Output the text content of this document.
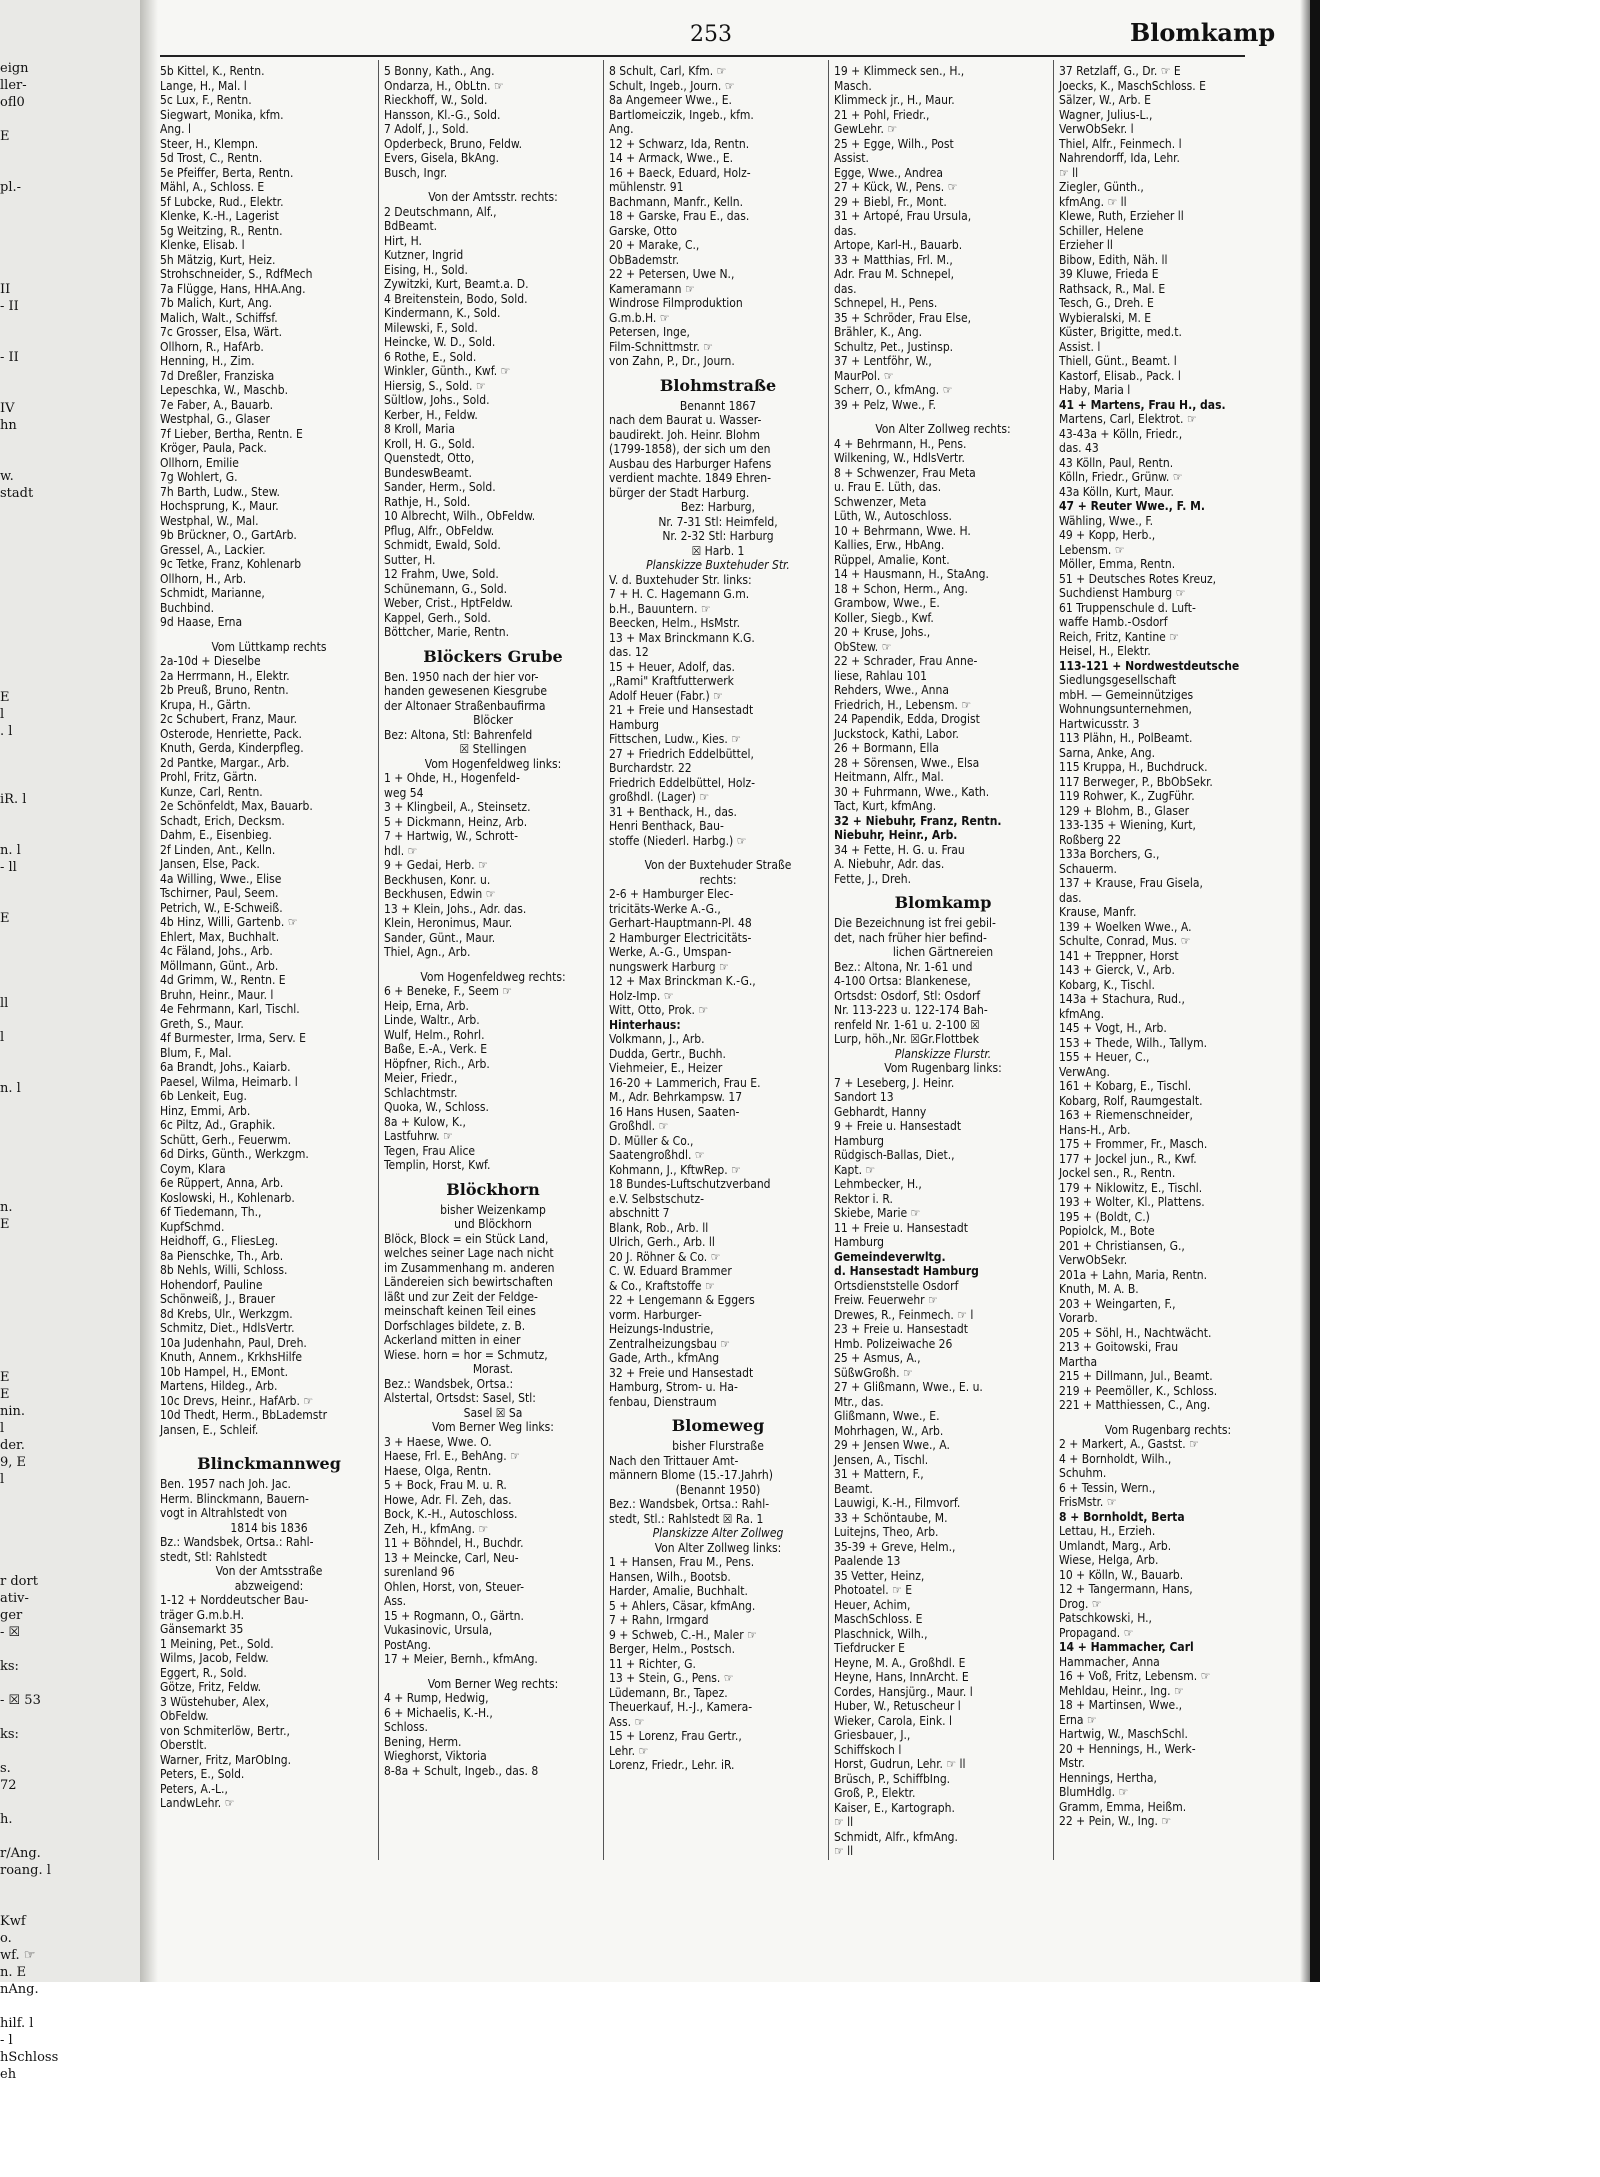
eign
ller-
ofl0
E
pl.-
II
- II
- II
IV
hn
w.
stadt
E
l
. l
iR. l
n. l
- ll
E
ll
l
n. l
n.
E
E
E
nin.
l
der.
9, E
l
r dort
ativ-
ger
- ☒
ks:
- ☒ 53
ks:
s.
72
h.
r/Ang.
roang. l
Kwf
o.
wf. ☞
n. E
nAng.
hilf. l
- l
hSchloss
eh
253	Blomkamp
5b Kittel, K., Rentn.
Lange, H., Mal. l
5c Lux, F., Rentn.
Siegwart, Monika, kfm.
Ang. l
Steer, H., Klempn.
5d Trost, C., Rentn.
5e Pfeiffer, Berta, Rentn.
Mähl, A., Schloss. E
5f Lubcke, Rud., Elektr.
Klenke, K.-H., Lagerist
5g Weitzing, R., Rentn.
Klenke, Elisab. l
5h Mätzig, Kurt, Heiz.
Strohschneider, S., RdfMech
7a Flügge, Hans, HHA.Ang.
7b Malich, Kurt, Ang.
Malich, Walt., Schiffsf.
7c Grosser, Elsa, Wärt.
Ollhorn, R., HafArb.
Henning, H., Zim.
7d Dreßler, Franziska
Lepeschka, W., Maschb.
7e Faber, A., Bauarb.
Westphal, G., Glaser
7f Lieber, Bertha, Rentn. E
Kröger, Paula, Pack.
Ollhorn, Emilie
7g Wohlert, G.
7h Barth, Ludw., Stew.
Hochsprung, K., Maur.
Westphal, W., Mal.
9b Brückner, O., GartArb.
Gressel, A., Lackier.
9c Tetke, Franz, Kohlenarb
Ollhorn, H., Arb.
Schmidt, Marianne,
Buchbind.
9d Haase, Erna
Vom Lüttkamp rechts
2a-10d + Dieselbe
2a Herrmann, H., Elektr.
2b Preuß, Bruno, Rentn.
Krupa, H., Gärtn.
2c Schubert, Franz, Maur.
Osterode, Henriette, Pack.
Knuth, Gerda, Kinderpfleg.
2d Pantke, Margar., Arb.
Prohl, Fritz, Gärtn.
Kunze, Carl, Rentn.
2e Schönfeldt, Max, Bauarb.
Schadt, Erich, Decksm.
Dahm, E., Eisenbieg.
2f Linden, Ant., Kelln.
Jansen, Else, Pack.
4a Willing, Wwe., Elise
Tschirner, Paul, Seem.
Petrich, W., E-Schweiß.
4b Hinz, Willi, Gartenb. ☞
Ehlert, Max, Buchhalt.
4c Fäland, Johs., Arb.
Möllmann, Günt., Arb.
4d Grimm, W., Rentn. E
Bruhn, Heinr., Maur. l
4e Fehrmann, Karl, Tischl.
Greth, S., Maur.
4f Burmester, Irma, Serv. E
Blum, F., Mal.
6a Brandt, Johs., Kaiarb.
Paesel, Wilma, Heimarb. l
6b Lenkeit, Eug.
Hinz, Emmi, Arb.
6c Piltz, Ad., Graphik.
Schütt, Gerh., Feuerwm.
6d Dirks, Günth., Werkzgm.
Coym, Klara
6e Rüppert, Anna, Arb.
Koslowski, H., Kohlenarb.
6f Tiedemann, Th.,
KupfSchmd.
Heidhoff, G., FliesLeg.
8a Pienschke, Th., Arb.
8b Nehls, Willi, Schloss.
Hohendorf, Pauline
Schönweiß, J., Brauer
8d Krebs, Ulr., Werkzgm.
Schmitz, Diet., HdlsVertr.
10a Judenhahn, Paul, Dreh.
Knuth, Annem., KrkhsHilfe
10b Hampel, H., EMont.
Martens, Hildeg., Arb.
10c Drevs, Heinr., HafArb. ☞
10d Thedt, Herm., BbLademstr
Jansen, E., Schleif.
Blinckmannweg
Ben. 1957 nach Joh. Jac.
Herm. Blinckmann, Bauern-
vogt in Altrahlstedt von
1814 bis 1836
Bz.: Wandsbek, Ortsa.: Rahl-
stedt, Stl: Rahlstedt
Von der Amtsstraße
abzweigend:
1-12 + Norddeutscher Bau-
träger G.m.b.H.
Gänsemarkt 35
1 Meining, Pet., Sold.
Wilms, Jacob, Feldw.
Eggert, R., Sold.
Götze, Fritz, Feldw.
3 Wüstehuber, Alex,
ObFeldw.
von Schmiterlöw, Bertr.,
Oberstlt.
Warner, Fritz, MarObIng.
Peters, E., Sold.
Peters, A.-L.,
LandwLehr. ☞
5 Bonny, Kath., Ang.
Ondarza, H., ObLtn. ☞
Rieckhoff, W., Sold.
Hansson, Kl.-G., Sold.
7 Adolf, J., Sold.
Opderbeck, Bruno, Feldw.
Evers, Gisela, BkAng.
Busch, Ingr.
Von der Amtsstr. rechts:
2 Deutschmann, Alf.,
BdBeamt.
Hirt, H.
Kutzner, Ingrid
Eising, H., Sold.
Zywitzki, Kurt, Beamt.a. D.
4 Breitenstein, Bodo, Sold.
Kindermann, K., Sold.
Milewski, F., Sold.
Heincke, W. D., Sold.
6 Rothe, E., Sold.
Winkler, Günth., Kwf. ☞
Hiersig, S., Sold. ☞
Sültlow, Johs., Sold.
Kerber, H., Feldw.
8 Kroll, Maria
Kroll, H. G., Sold.
Quenstedt, Otto,
BundeswBeamt.
Sander, Herm., Sold.
Rathje, H., Sold.
10 Albrecht, Wilh., ObFeldw.
Pflug, Alfr., ObFeldw.
Schmidt, Ewald, Sold.
Sutter, H.
12 Frahm, Uwe, Sold.
Schünemann, G., Sold.
Weber, Crist., HptFeldw.
Kappel, Gerh., Sold.
Böttcher, Marie, Rentn.
Blöckers Grube
Ben. 1950 nach der hier vor-
handen gewesenen Kiesgrube
der Altonaer Straßenbaufirma
Blöcker
Bez: Altona, Stl: Bahrenfeld
☒ Stellingen
Vom Hogenfeldweg links:
1 + Ohde, H., Hogenfeld-
weg 54
3 + Klingbeil, A., Steinsetz.
5 + Dickmann, Heinz, Arb.
7 + Hartwig, W., Schrott-
hdl. ☞
9 + Gedai, Herb. ☞
Beckhusen, Konr. u.
Beckhusen, Edwin ☞
13 + Klein, Johs., Adr. das.
Klein, Heronimus, Maur.
Sander, Günt., Maur.
Thiel, Agn., Arb.
Vom Hogenfeldweg rechts:
6 + Beneke, F., Seem ☞
Heip, Erna, Arb.
Linde, Waltr., Arb.
Wulf, Helm., Rohrl.
Baße, E.-A., Verk. E
Höpfner, Rich., Arb.
Meier, Friedr.,
Schlachtmstr.
Quoka, W., Schloss.
8a + Kulow, K.,
Lastfuhrw. ☞
Tegen, Frau Alice
Templin, Horst, Kwf.
Blöckhorn
bisher Weizenkamp
und Blöckhorn
Blöck, Block = ein Stück Land,
welches seiner Lage nach nicht
im Zusammenhang m. anderen
Ländereien sich bewirtschaften
läßt und zur Zeit der Feldge-
meinschaft keinen Teil eines
Dorfschlages bildete, z. B.
Ackerland mitten in einer
Wiese. horn = hor = Schmutz,
Morast.
Bez.: Wandsbek, Ortsa.:
Alstertal, Ortsdst: Sasel, Stl:
Sasel ☒ Sa
Vom Berner Weg links:
3 + Haese, Wwe. O.
Haese, Frl. E., BehAng. ☞
Haese, Olga, Rentn.
5 + Bock, Frau M. u. R.
Howe, Adr. Fl. Zeh, das.
Bock, K.-H., Autoschloss.
Zeh, H., kfmAng. ☞
11 + Böhndel, H., Buchdr.
13 + Meincke, Carl, Neu-
surenland 96
Ohlen, Horst, von, Steuer-
Ass.
15 + Rogmann, O., Gärtn.
Vukasinovic, Ursula,
PostAng.
17 + Meier, Bernh., kfmAng.
Vom Berner Weg rechts:
4 + Rump, Hedwig,
6 + Michaelis, K.-H.,
Schloss.
Bening, Herm.
Wieghorst, Viktoria
8-8a + Schult, Ingeb., das. 8
8 Schult, Carl, Kfm. ☞
Schult, Ingeb., Journ. ☞
8a Angemeer Wwe., E.
Bartlomeiczik, Ingeb., kfm.
Ang.
12 + Schwarz, Ida, Rentn.
14 + Armack, Wwe., E.
16 + Baeck, Eduard, Holz-
mühlenstr. 91
Bachmann, Manfr., Kelln.
18 + Garske, Frau E., das.
Garske, Otto
20 + Marake, C.,
ObBademstr.
22 + Petersen, Uwe N.,
Kameramann ☞
Windrose Filmproduktion
G.m.b.H. ☞
Petersen, Inge,
Film-Schnittmstr. ☞
von Zahn, P., Dr., Journ.
Blohmstraße
Benannt 1867
nach dem Baurat u. Wasser-
baudirekt. Joh. Heinr. Blohm
(1799-1858), der sich um den
Ausbau des Harburger Hafens
verdient machte. 1849 Ehren-
bürger der Stadt Harburg.
Bez: Harburg,
Nr. 7-31 Stl: Heimfeld,
Nr. 2-32 Stl: Harburg
☒ Harb. 1
Planskizze Buxtehuder Str.
V. d. Buxtehuder Str. links:
7 + H. C. Hagemann G.m.
b.H., Bauuntern. ☞
Beecken, Helm., HsMstr.
13 + Max Brinckmann K.G.
das. 12
15 + Heuer, Adolf, das.
,,Rami" Kraftfutterwerk
Adolf Heuer (Fabr.) ☞
21 + Freie und Hansestadt
Hamburg
Fittschen, Ludw., Kies. ☞
27 + Friedrich Eddelbüttel,
Burchardstr. 22
Friedrich Eddelbüttel, Holz-
großhdl. (Lager) ☞
31 + Benthack, H., das.
Henri Benthack, Bau-
stoffe (Niederl. Harbg.) ☞
Von der Buxtehuder Straße
rechts:
2-6 + Hamburger Elec-
tricitäts-Werke A.-G.,
Gerhart-Hauptmann-Pl. 48
2 Hamburger Electricitäts-
Werke, A.-G., Umspan-
nungswerk Harburg ☞
12 + Max Brinckman K.-G.,
Holz-Imp. ☞
Witt, Otto, Prok. ☞
Hinterhaus:
Volkmann, J., Arb.
Dudda, Gertr., Buchh.
Viehmeier, E., Heizer
16-20 + Lammerich, Frau E.
M., Adr. Behrkampsw. 17
16 Hans Husen, Saaten-
Großhdl. ☞
D. Müller & Co.,
Saatengroßhdl. ☞
Kohmann, J., KftwRep. ☞
18 Bundes-Luftschutzverband
e.V. Selbstschutz-
abschnitt 7
Blank, Rob., Arb. ll
Ulrich, Gerh., Arb. ll
20 J. Röhner & Co. ☞
C. W. Eduard Brammer
& Co., Kraftstoffe ☞
22 + Lengemann & Eggers
vorm. Harburger-
Heizungs-Industrie,
Zentralheizungsbau ☞
Gade, Arth., kfmAng
32 + Freie und Hansestadt
Hamburg, Strom- u. Ha-
fenbau, Dienstraum
Blomeweg
bisher Flurstraße
Nach den Trittauer Amt-
männern Blome (15.-17.Jahrh)
(Benannt 1950)
Bez.: Wandsbek, Ortsa.: Rahl-
stedt, Stl.: Rahlstedt ☒ Ra. 1
Planskizze Alter Zollweg
Von Alter Zollweg links:
1 + Hansen, Frau M., Pens.
Hansen, Wilh., Bootsb.
Harder, Amalie, Buchhalt.
5 + Ahlers, Cäsar, kfmAng.
7 + Rahn, Irmgard
9 + Schweb, C.-H., Maler ☞
Berger, Helm., Postsch.
11 + Richter, G.
13 + Stein, G., Pens. ☞
Lüdemann, Br., Tapez.
Theuerkauf, H.-J., Kamera-
Ass. ☞
15 + Lorenz, Frau Gertr.,
Lehr. ☞
Lorenz, Friedr., Lehr. iR.
19 + Klimmeck sen., H.,
Masch.
Klimmeck jr., H., Maur.
21 + Pohl, Friedr.,
GewLehr. ☞
25 + Egge, Wilh., Post
Assist.
Egge, Wwe., Andrea
27 + Kück, W., Pens. ☞
29 + Biebl, Fr., Mont.
31 + Artopé, Frau Ursula,
das.
Artope, Karl-H., Bauarb.
33 + Matthias, Frl. M.,
Adr. Frau M. Schnepel,
das.
Schnepel, H., Pens.
35 + Schröder, Frau Else,
Brähler, K., Ang.
Schultz, Pet., Justinsp.
37 + Lentföhr, W.,
MaurPol. ☞
Scherr, O., kfmAng. ☞
39 + Pelz, Wwe., F.
Von Alter Zollweg rechts:
4 + Behrmann, H., Pens.
Wilkening, W., HdlsVertr.
8 + Schwenzer, Frau Meta
u. Frau E. Lüth, das.
Schwenzer, Meta
Lüth, W., Autoschloss.
10 + Behrmann, Wwe. H.
Kallies, Erw., HbAng.
Rüppel, Amalie, Kont.
14 + Hausmann, H., StaAng.
18 + Schon, Herm., Ang.
Grambow, Wwe., E.
Koller, Siegb., Kwf.
20 + Kruse, Johs.,
ObStew. ☞
22 + Schrader, Frau Anne-
liese, Rahlau 101
Rehders, Wwe., Anna
Friedrich, H., Lebensm. ☞
24 Papendik, Edda, Drogist
Juckstock, Kathi, Labor.
26 + Bormann, Ella
28 + Sörensen, Wwe., Elsa
Heitmann, Alfr., Mal.
30 + Fuhrmann, Wwe., Kath.
Tact, Kurt, kfmAng.
32 + Niebuhr, Franz, Rentn.
Niebuhr, Heinr., Arb.
34 + Fette, H. G. u. Frau
A. Niebuhr, Adr. das.
Fette, J., Dreh.
Blomkamp
Die Bezeichnung ist frei gebil-
det, nach früher hier befind-
lichen Gärtnereien
Bez.: Altona, Nr. 1-61 und
4-100 Ortsa: Blankenese,
Ortsdst: Osdorf, Stl: Osdorf
Nr. 113-223 u. 122-174 Bah-
renfeld Nr. 1-61 u. 2-100 ☒
Lurp, höh.,Nr. ☒Gr.Flottbek
Planskizze Flurstr.
Vom Rugenbarg links:
7 + Leseberg, J. Heinr.
Sandort 13
Gebhardt, Hanny
9 + Freie u. Hansestadt
Hamburg
Rüdgisch-Ballas, Diet.,
Kapt. ☞
Lehmbecker, H.,
Rektor i. R.
Skiebe, Marie ☞
11 + Freie u. Hansestadt
Hamburg
Gemeindeverwltg.
d. Hansestadt Hamburg
Ortsdienststelle Osdorf
Freiw. Feuerwehr ☞
Drewes, R., Feinmech. ☞ l
23 + Freie u. Hansestadt
Hmb. Polizeiwache 26
25 + Asmus, A.,
SüßwGroßh. ☞
27 + Glißmann, Wwe., E. u.
Mtr., das.
Glißmann, Wwe., E.
Mohrhagen, W., Arb.
29 + Jensen Wwe., A.
Jensen, A., Tischl.
31 + Mattern, F.,
Beamt.
Lauwigi, K.-H., Filmvorf.
33 + Schöntaube, M.
Luitejns, Theo, Arb.
35-39 + Greve, Helm.,
Paalende 13
35 Vetter, Heinz,
Photoatel. ☞ E
Heuer, Achim,
MaschSchloss. E
Plaschnick, Wilh.,
Tiefdrucker E
Heyne, M. A., Großhdl. E
Heyne, Hans, InnArcht. E
Cordes, Hansjürg., Maur. l
Huber, W., Retuscheur l
Wieker, Carola, Eink. l
Griesbauer, J.,
Schiffskoch l
Horst, Gudrun, Lehr. ☞ ll
Brüsch, P., SchiffbIng.
Groß, P., Elektr.
Kaiser, E., Kartograph.
☞ ll
Schmidt, Alfr., kfmAng.
☞ ll
37 Retzlaff, G., Dr. ☞ E
Joecks, K., MaschSchloss. E
Sälzer, W., Arb. E
Wagner, Julius-L.,
VerwObSekr. l
Thiel, Alfr., Feinmech. l
Nahrendorff, Ida, Lehr.
☞ ll
Ziegler, Günth.,
kfmAng. ☞ ll
Klewe, Ruth, Erzieher ll
Schiller, Helene
Erzieher ll
Bibow, Edith, Näh. ll
39 Kluwe, Frieda E
Rathsack, R., Mal. E
Tesch, G., Dreh. E
Wybieralski, M. E
Küster, Brigitte, med.t.
Assist. l
Thiell, Günt., Beamt. l
Kastorf, Elisab., Pack. l
Haby, Maria l
41 + Martens, Frau H., das.
Martens, Carl, Elektrot. ☞
43-43a + Kölln, Friedr.,
das. 43
43 Kölln, Paul, Rentn.
Kölln, Friedr., Grünw. ☞
43a Kölln, Kurt, Maur.
47 + Reuter Wwe., F. M.
Wähling, Wwe., F.
49 + Kopp, Herb.,
Lebensm. ☞
Möller, Emma, Rentn.
51 + Deutsches Rotes Kreuz,
Suchdienst Hamburg ☞
61 Truppenschule d. Luft-
waffe Hamb.-Osdorf
Reich, Fritz, Kantine ☞
Heisel, H., Elektr.
113-121 + Nordwestdeutsche
Siedlungsgesellschaft
mbH. — Gemeinnütziges
Wohnungsunternehmen,
Hartwicusstr. 3
113 Plähn, H., PolBeamt.
Sarna, Anke, Ang.
115 Kruppa, H., Buchdruck.
117 Berweger, P., BbObSekr.
119 Rohwer, K., ZugFühr.
129 + Blohm, B., Glaser
133-135 + Wiening, Kurt,
Roßberg 22
133a Borchers, G.,
Schauerm.
137 + Krause, Frau Gisela,
das.
Krause, Manfr.
139 + Woelken Wwe., A.
Schulte, Conrad, Mus. ☞
141 + Treppner, Horst
143 + Gierck, V., Arb.
Kobarg, K., Tischl.
143a + Stachura, Rud.,
kfmAng.
145 + Vogt, H., Arb.
153 + Thede, Wilh., Tallym.
155 + Heuer, C.,
VerwAng.
161 + Kobarg, E., Tischl.
Kobarg, Rolf, Raumgestalt.
163 + Riemenschneider,
Hans-H., Arb.
175 + Frommer, Fr., Masch.
177 + Jockel jun., R., Kwf.
Jockel sen., R., Rentn.
179 + Niklowitz, E., Tischl.
193 + Wolter, Kl., Plattens.
195 + (Boldt, C.)
Popiolck, M., Bote
201 + Christiansen, G.,
VerwObSekr.
201a + Lahn, Maria, Rentn.
Knuth, M. A. B.
203 + Weingarten, F.,
Vorarb.
205 + Söhl, H., Nachtwächt.
213 + Goitowski, Frau
Martha
215 + Dillmann, Jul., Beamt.
219 + Peemöller, K., Schloss.
221 + Matthiessen, C., Ang.
Vom Rugenbarg rechts:
2 + Markert, A., Gastst. ☞
4 + Bornholdt, Wilh.,
Schuhm.
6 + Tessin, Wern.,
FrisMstr. ☞
8 + Bornholdt, Berta
Lettau, H., Erzieh.
Umlandt, Marg., Arb.
Wiese, Helga, Arb.
10 + Kölln, W., Bauarb.
12 + Tangermann, Hans,
Drog. ☞
Patschkowski, H.,
Propagand. ☞
14 + Hammacher, Carl
Hammacher, Anna
16 + Voß, Fritz, Lebensm. ☞
Mehldau, Heinr., Ing. ☞
18 + Martinsen, Wwe.,
Erna ☞
Hartwig, W., MaschSchl.
20 + Hennings, H., Werk-
Mstr.
Hennings, Hertha,
BlumHdlg. ☞
Gramm, Emma, Heißm.
22 + Pein, W., Ing. ☞
